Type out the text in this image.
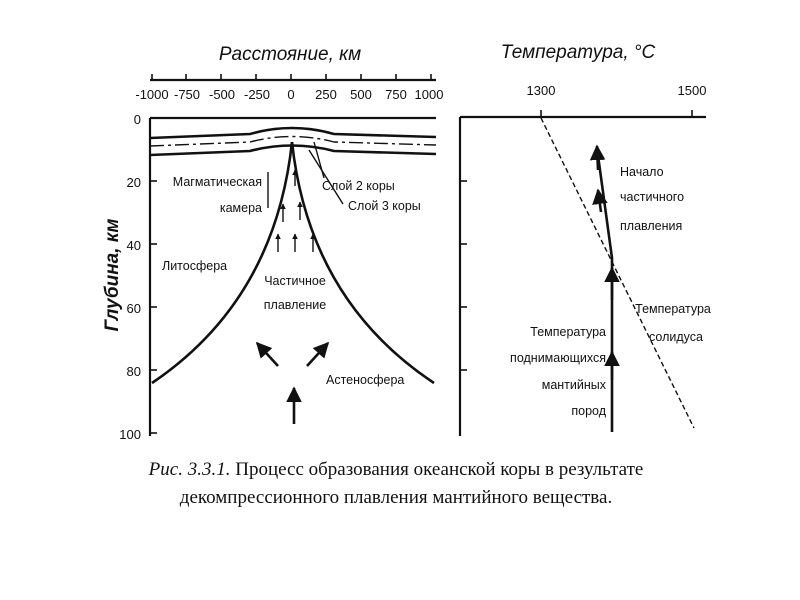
Расстояние, км
-1000 -750 -500 -250 0 250 500 750 1000
0
20
40
60
80
100
Глубина, км
Магматическая
камера
Слой 2 коры
Слой 3 коры
Литосфера
Частичное
плавление
Астеносфера
Температура, °С
1300	1500
Начало
частичного
плавления
Температура
солидуса
Температура
поднимающихся
мантийных
пород
Рис. 3.3.1. Процесс образования океанской коры в результате
декомпрессионного плавления мантийного вещества.
